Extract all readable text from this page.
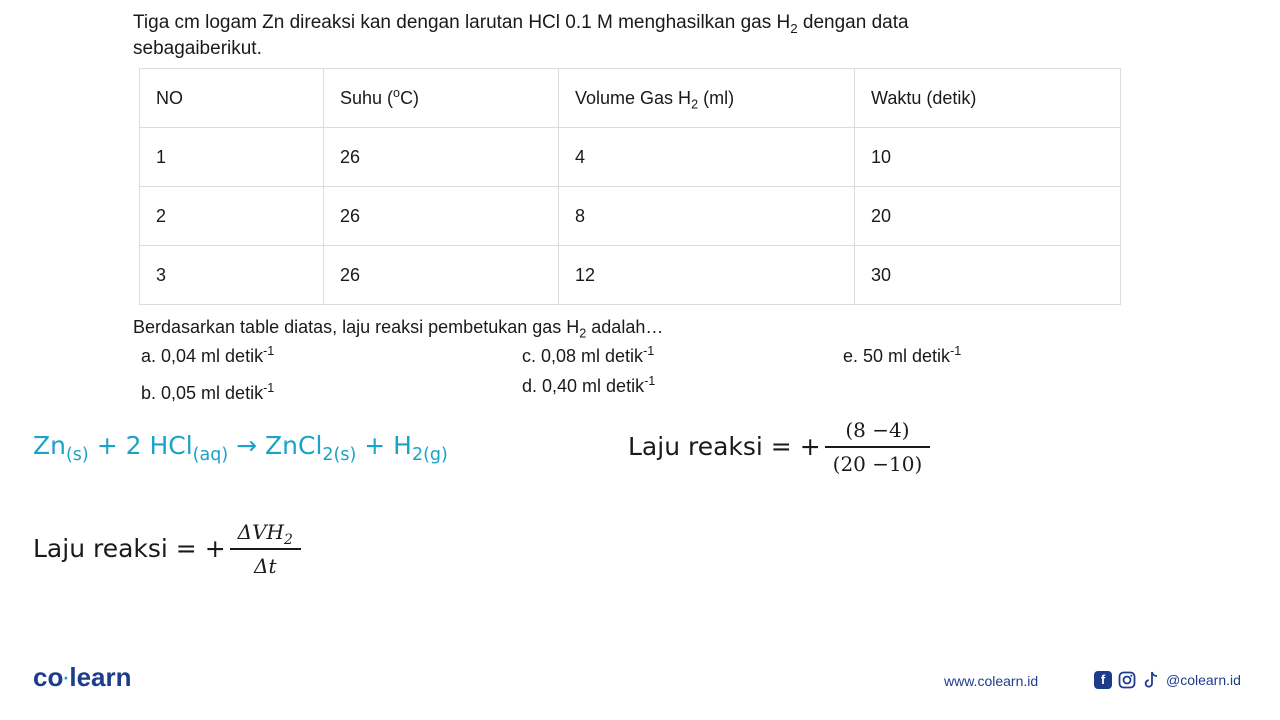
Tiga cm logam Zn direaksi kan dengan larutan HCl 0.1 M menghasilkan gas $H_2$ dengan data
sebagaiberikut.
NO	Suhu ($^o$C)	Volume Gas $H_2$ (ml)	Waktu (detik)
1	26	4	10
2	26	8	20
3	26	12	30
Berdasarkan table diatas, laju reaksi pembetukan gas $H_2$ adalah…
a. 0,04 ml detik$^{-1}$
b. 0,05 ml detik$^{-1}$
c. 0,08 ml detik$^{-1}$
d. 0,40 ml detik$^{-1}$
e. 50 ml detik$^{-1}$
$Zn_{(s)} + 2$ HCl$_{(aq)}$ → ZnCl$_{2(s)}$ + $H_{2(g)}$	Laju reaksi = + $\frac{(8 -4)}{(20 -10)}$
Laju reaksi = + $\frac{\Delta VH_2}{\Delta t}$
co·learn	www.colearn.id	f	@colearn.id
